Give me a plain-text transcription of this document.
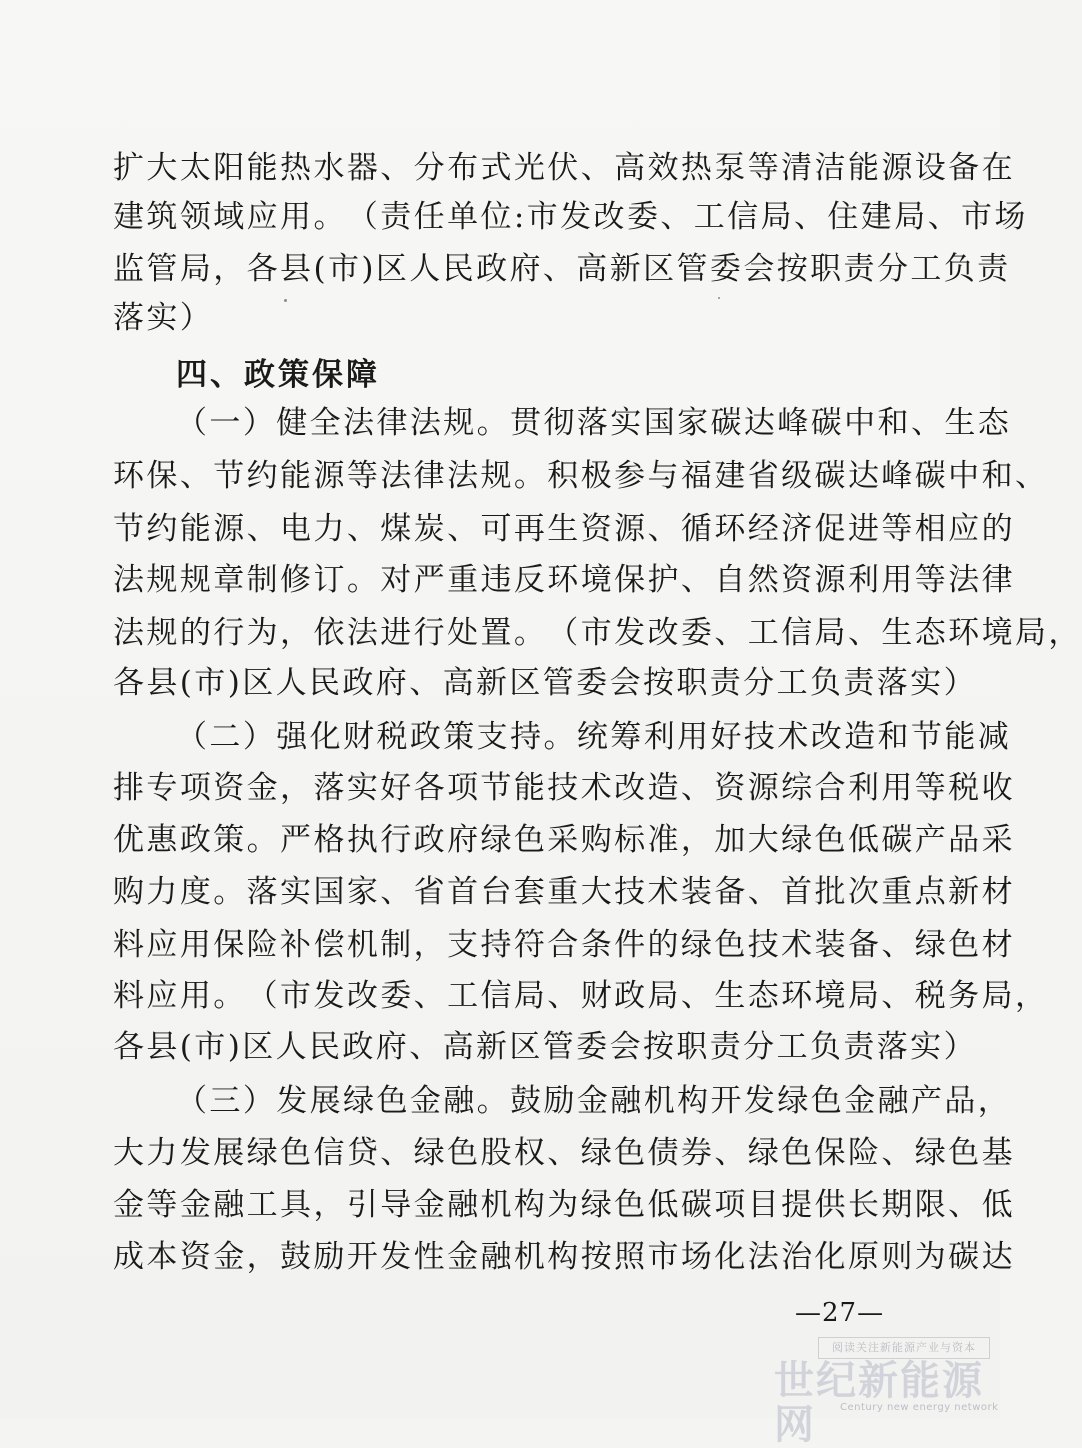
扩 大 太 阳 能 热 水 器 、 分 布 式 光 伏 、 高 效 热 泵 等 清 洁 能 源 设 备 在
建 筑 领 域 应 用 。 （ 责 任 单 位 : 市 发 改 委 、 工 信 局 、 住 建 局 、 市 场
监 管 局 ， 各 县 ( 市 ) 区 人 民 政 府 、 高 新 区 管 委 会 按 职 责 分 工 负 责
落实）
四、政策保障
（ 一 ） 健 全 法 律 法 规 。 贯 彻 落 实 国 家 碳 达 峰 碳 中 和 、 生 态
环 保 、 节 约 能 源 等 法 律 法 规 。 积 极 参 与 福 建 省 级 碳 达 峰 碳 中 和 、
节 约 能 源 、 电 力 、 煤 炭 、 可 再 生 资 源 、 循 环 经 济 促 进 等 相 应 的
法 规 规 章 制 修 订 。 对 严 重 违 反 环 境 保 护 、 自 然 资 源 利 用 等 法 律
法 规 的 行 为 ， 依 法 进 行 处 置 。 （ 市 发 改 委 、 工 信 局 、 生 态 环 境 局 ，
各县(市)区人民政府、高新区管委会按职责分工负责落实）
（ 二 ） 强 化 财 税 政 策 支 持 。 统 筹 利 用 好 技 术 改 造 和 节 能 减
排 专 项 资 金 ， 落 实 好 各 项 节 能 技 术 改 造 、 资 源 综 合 利 用 等 税 收
优 惠 政 策 。 严 格 执 行 政 府 绿 色 采 购 标 准 ， 加 大 绿 色 低 碳 产 品 采
购 力 度 。 落 实 国 家 、 省 首 台 套 重 大 技 术 装 备 、 首 批 次 重 点 新 材
料 应 用 保 险 补 偿 机 制 ， 支 持 符 合 条 件 的 绿 色 技 术 装 备 、 绿 色 材
料 应 用 。 （ 市 发 改 委 、 工 信 局 、 财 政 局 、 生 态 环 境 局 、 税 务 局 ，
各县(市)区人民政府、高新区管委会按职责分工负责落实）
（ 三 ） 发 展 绿 色 金 融 。 鼓 励 金 融 机 构 开 发 绿 色 金 融 产 品 ，
大 力 发 展 绿 色 信 贷 、 绿 色 股 权 、 绿 色 债 券 、 绿 色 保 险 、 绿 色 基
金 等 金 融 工 具 ， 引 导 金 融 机 构 为 绿 色 低 碳 项 目 提 供 长 期 限 、 低
成 本 资 金 ， 鼓 励 开 发 性 金 融 机 构 按 照 市 场 化 法 治 化 原 则 为 碳 达
—27—
阅读关注新能源产业与资本
世纪新能源网	Century new energy network
